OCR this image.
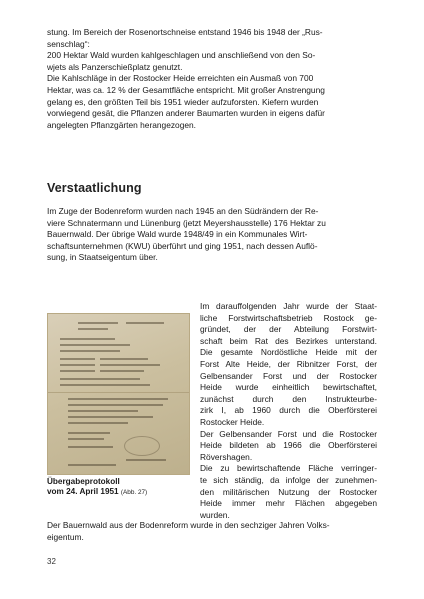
stung. Im Bereich der Rosenortschneise entstand 1946 bis 1948 der „Rus-
senschlag“:
200 Hektar Wald wurden kahlgeschlagen und anschließend von den So-
wjets als Panzerschießplatz genutzt.
Die Kahlschläge in der Rostocker Heide erreichten ein Ausmaß von 700
Hektar, was ca. 12 % der Gesamtfläche entspricht. Mit großer Anstrengung
gelang es, den größten Teil bis 1951 wieder aufzuforsten. Kiefern wurden
vorwiegend gesät, die Pflanzen anderer Baumarten wurden in eigens dafür
angelegten Pflanzgärten herangezogen.
Verstaatlichung
Im Zuge der Bodenreform wurden nach 1945 an den Südrändern der Re-
viere Schnatermann und Lünenburg (jetzt Meyershausstelle) 176 Hektar zu
Bauernwald. Der übrige Wald wurde 1948/49 in ein Kommunales Wirt-
schaftsunternehmen (KWU) überführt und ging 1951, nach dessen Auflö-
sung, in Staatseigentum über.
Übergabeprotokoll
vom 24. April 1951 (Abb. 27)
Im darauffolgenden Jahr wurde der Staat-
liche Forstwirtschaftsbetrieb Rostock ge-
gründet, der der Abteilung Forstwirt-
schaft beim Rat des Bezirkes unterstand.
Die gesamte Nordöstliche Heide mit der
Forst Alte Heide, der Ribnitzer Forst, der
Gelbensander Forst und der Rostocker
Heide wurde einheitlich bewirtschaftet,
zunächst durch den Instrukteurbe-
zirk I, ab 1960 durch die Oberförsterei
Rostocker Heide.
Der Gelbensander Forst und die Rostocker
Heide bildeten ab 1966 die Oberförsterei
Rövershagen.
Die zu bewirtschaftende Fläche verringer-
te sich ständig, da infolge der zunehmen-
den militärischen Nutzung der Rostocker
Heide immer mehr Flächen abgegeben
wurden.
Der Bauernwald aus der Bodenreform wurde in den sechziger Jahren Volks-
eigentum.

32
